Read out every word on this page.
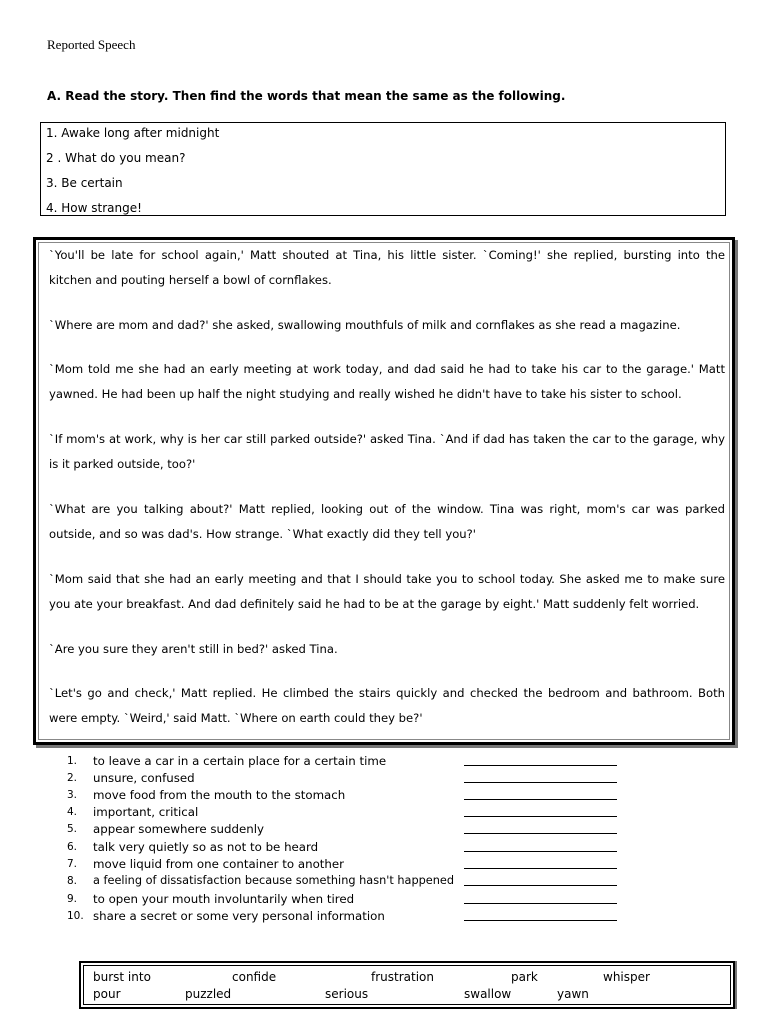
Reported Speech
A. Read the story. Then find the words that mean the same as the following.
1. Awake long after midnight
2 . What do you mean?
3. Be certain
4. How strange!

`You'll be late for school again,' Matt shouted at Tina, his little sister. `Coming!' she replied, bursting into the kitchen and pouting herself a bowl of cornflakes.

`Where are mom and dad?' she asked, swallowing mouthfuls of milk and cornflakes as she read a magazine.

`Mom told me she had an early meeting at work today, and dad said he had to take his car to the garage.' Matt yawned. He had been up half the night studying and really wished he didn't have to take his sister to school.

`If mom's at work, why is her car still parked outside?' asked Tina. `And if dad has taken the car to the garage, why is it parked outside, too?'

`What are you talking about?' Matt replied, looking out of the window. Tina was right, mom's car was parked outside, and so was dad's. How strange. `What exactly did they tell you?'

`Mom said that she had an early meeting and that I should take you to school today. She asked me to make sure you ate your breakfast. And dad definitely said he had to be at the garage by eight.' Matt suddenly felt worried.

`Are you sure they aren't still in bed?' asked Tina.

`Let's go and check,' Matt replied. He climbed the stairs quickly and checked the bedroom and bathroom. Both were empty. `Weird,' said Matt. `Where on earth could they be?'

1.	to leave a car in a certain place for a certain time
2.	unsure, confused
3.	move food from the mouth to the stomach
4.	important, critical
5.	appear somewhere suddenly
6.	talk very quietly so as not to be heard
7.	move liquid from one container to another
8.	a feeling of dissatisfaction because something hasn't happened
9.	to open your mouth involuntarily when tired
10. share a secret or some very personal information
burst into	confide	frustration	park	whisper
pour	puzzled	serious	swallow	yawn
